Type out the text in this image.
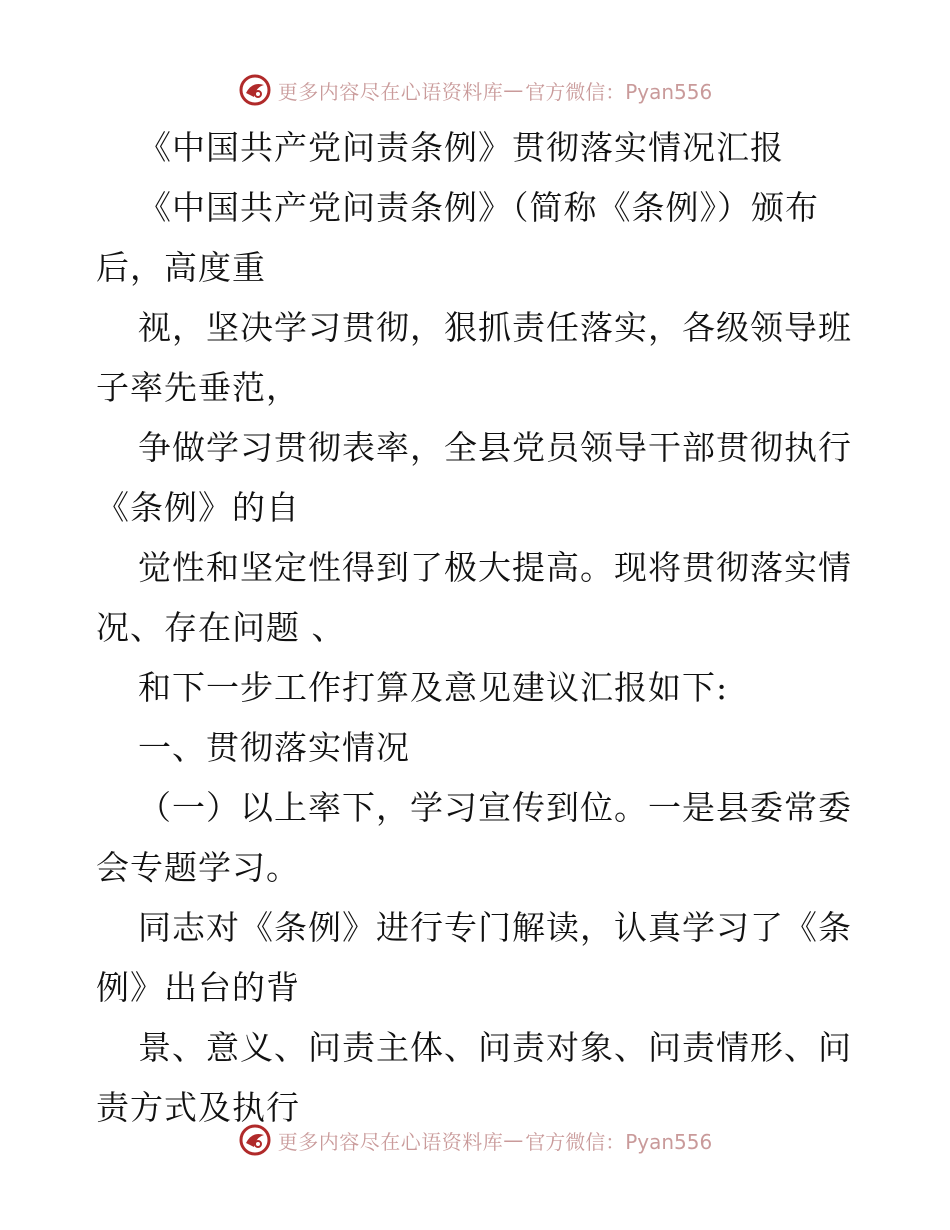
更多内容尽在心语资料库 — 官方微信：Pyan556
《中国共产党问责条例》贯彻落实情况汇报
《中国共产党问责条例》（简称《条例》）颁布
后，高度重
视，坚决学习贯彻，狠抓责任落实，各级领导班
子率先垂范，
争做学习贯彻表率，全县党员领导干部贯彻执行
《条例》的自
觉性和坚定性得到了极大提高。现将贯彻落实情
况、存在问题 、
和下一步工作打算及意见建议汇报如下:
一、贯彻落实情况
（一）以上率下，学习宣传到位。一是县委常委
会专题学习。
同志对《条例》进行专门解读，认真学习了《条
例》出台的背
景、意义、问责主体、问责对象、问责情形、问
责方式及执行
更多内容尽在心语资料库 — 官方微信：Pyan556
